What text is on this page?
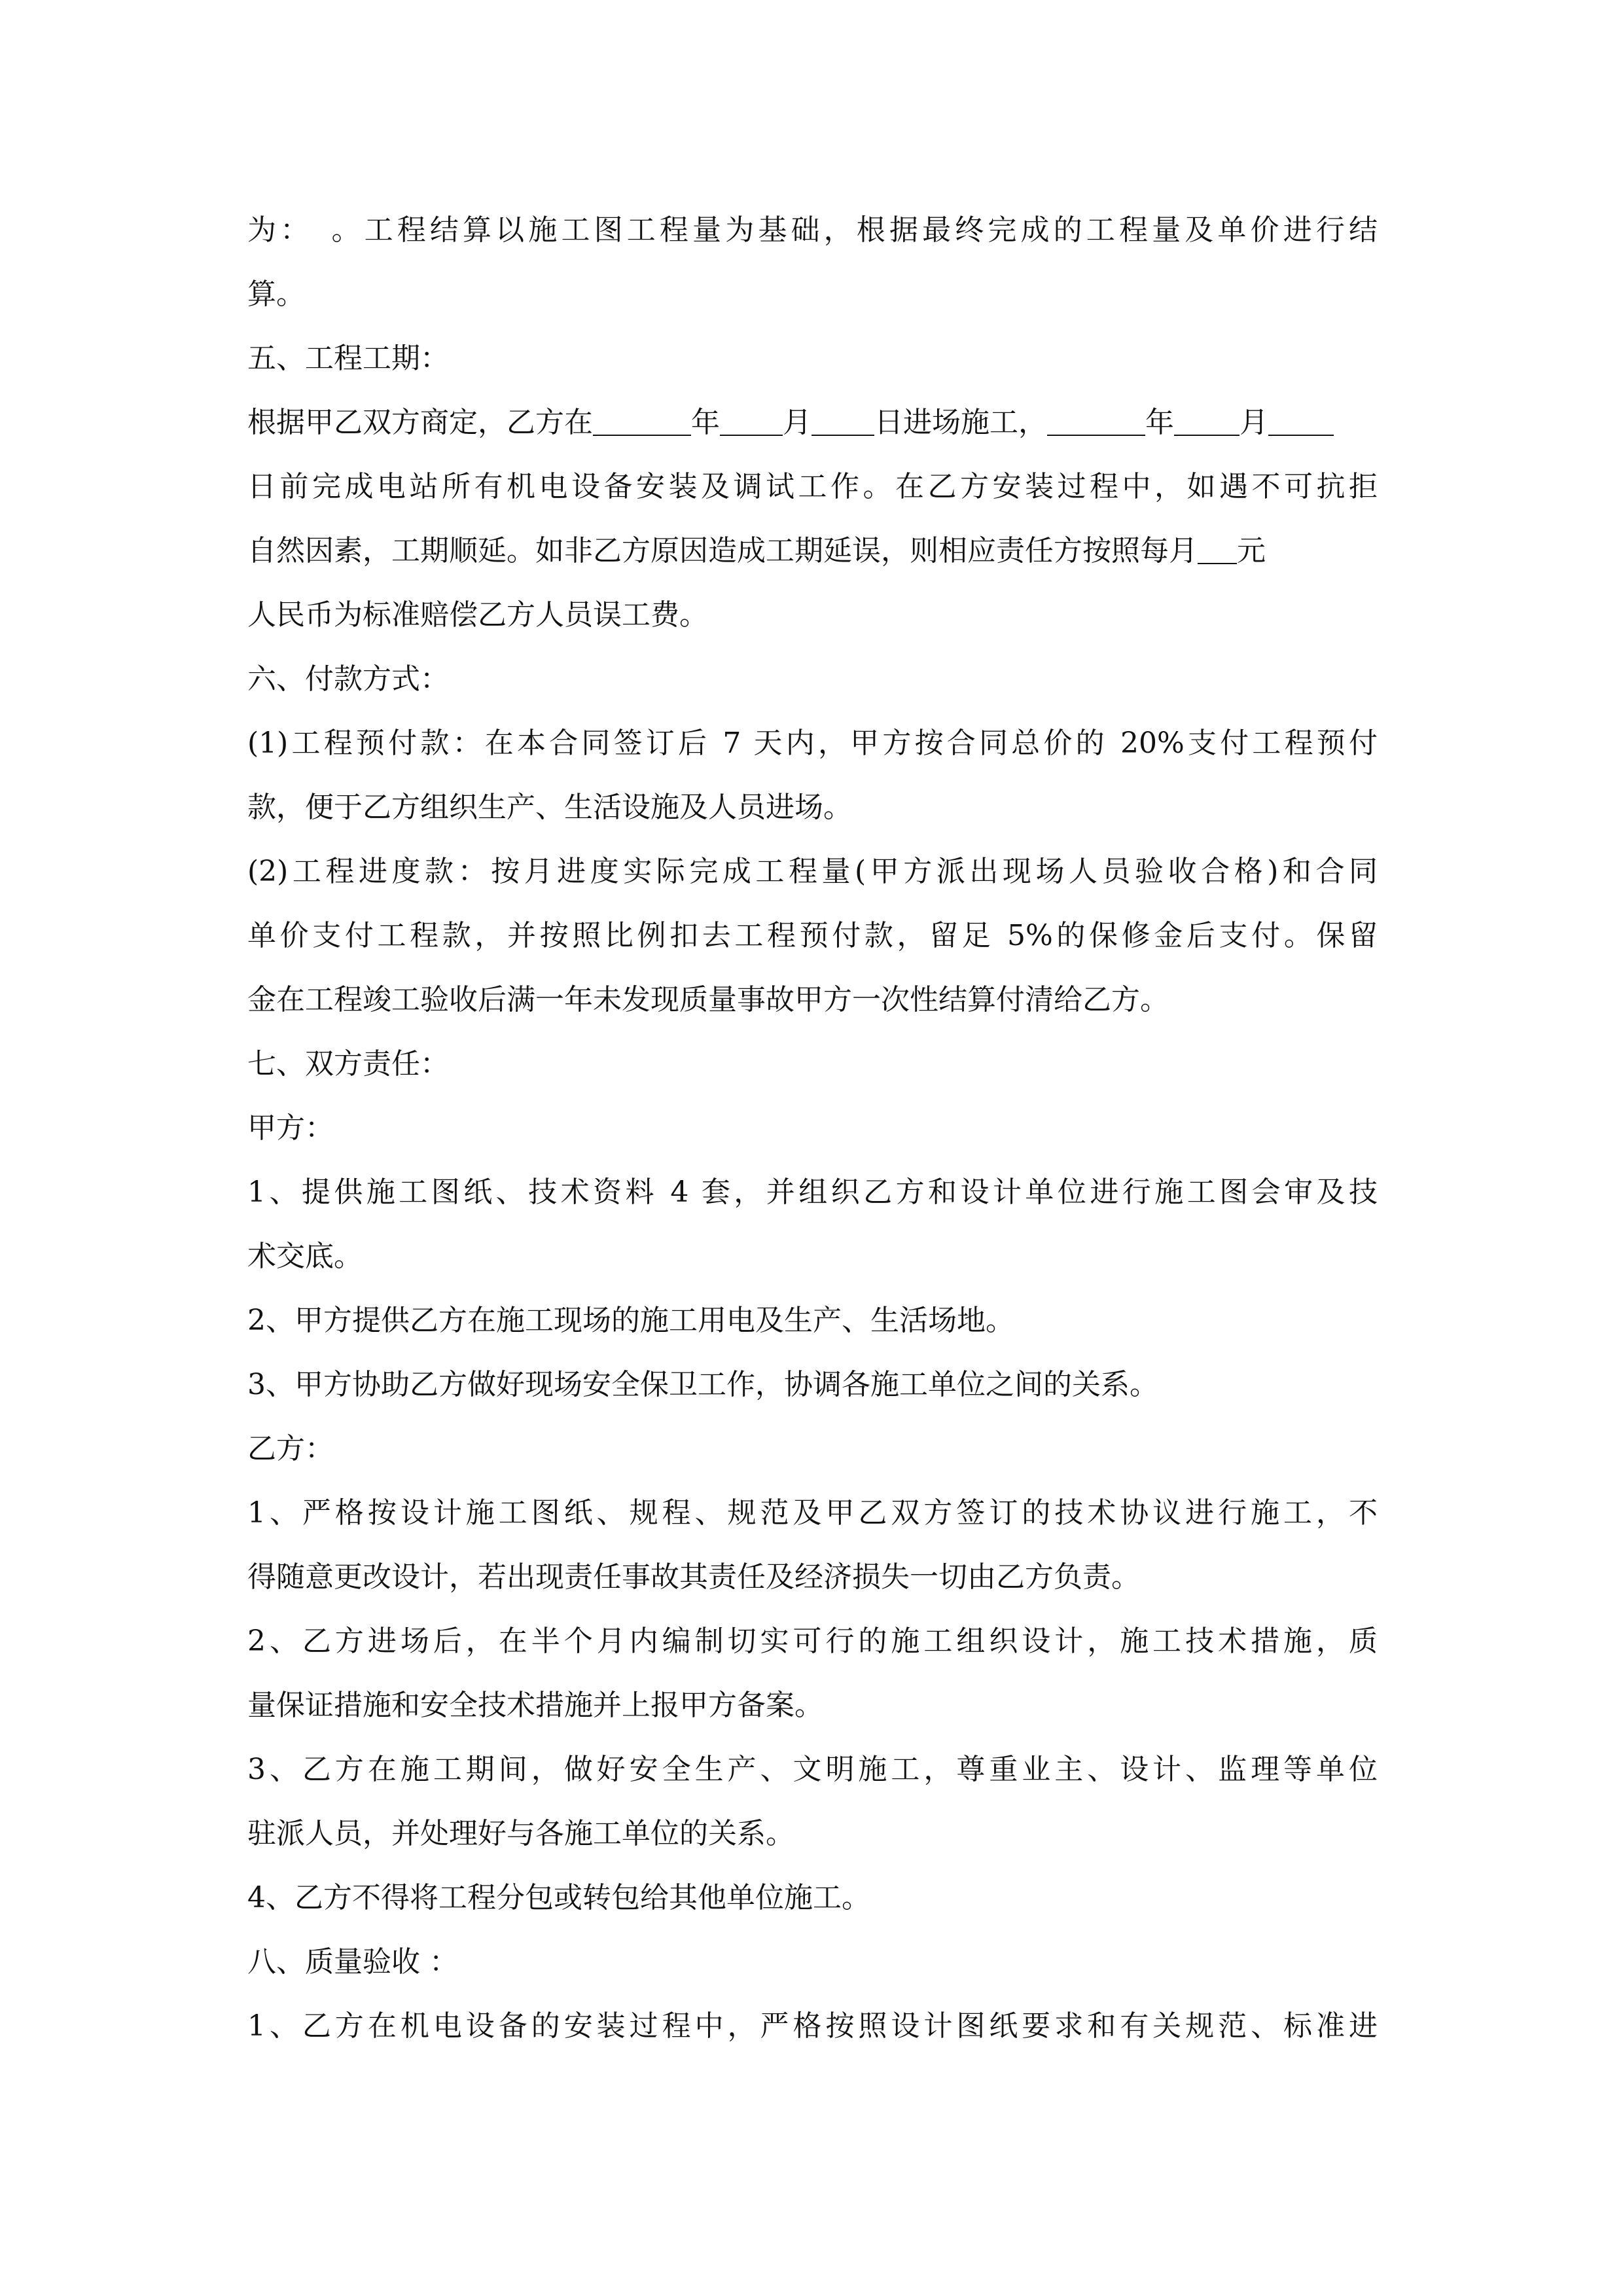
为：　。工程结算以施工图工程量为基础，根据最终完成的工程量及单价进行结
算。
五、工程工期：
根据甲乙双方商定，乙方在	年 月 日进场施工，	年 月
日前完成电站所有机电设备安装及调试工作。在乙方安装过程中，如遇不可抗拒
自然因素，工期顺延。如非乙方原因造成工期延误，则相应责任方按照每月 元
人民币为标准赔偿乙方人员误工费。
六、付款方式：
(1)工程预付款：在本合同签订后 7 天内，甲方按合同总价的 20%支付工程预付
款，便于乙方组织生产、生活设施及人员进场。
(2)工程进度款：按月进度实际完成工程量(甲方派出现场人员验收合格)和合同
单价支付工程款，并按照比例扣去工程预付款，留足 5%的保修金后支付。保留
金在工程竣工验收后满一年未发现质量事故甲方一次性结算付清给乙方。
七、双方责任：
甲方：
1、提供施工图纸、技术资料 4 套，并组织乙方和设计单位进行施工图会审及技
术交底。
2、甲方提供乙方在施工现场的施工用电及生产、生活场地。
3、甲方协助乙方做好现场安全保卫工作，协调各施工单位之间的关系。
乙方：
1、严格按设计施工图纸、规程、规范及甲乙双方签订的技术协议进行施工，不
得随意更改设计，若出现责任事故其责任及经济损失一切由乙方负责。
2、乙方进场后，在半个月内编制切实可行的施工组织设计，施工技术措施，质
量保证措施和安全技术措施并上报甲方备案。
3、乙方在施工期间，做好安全生产、文明施工，尊重业主、设计、监理等单位
驻派人员，并处理好与各施工单位的关系。
4、乙方不得将工程分包或转包给其他单位施工。
八、质量验收 ：
1、乙方在机电设备的安装过程中，严格按照设计图纸要求和有关规范、标准进
